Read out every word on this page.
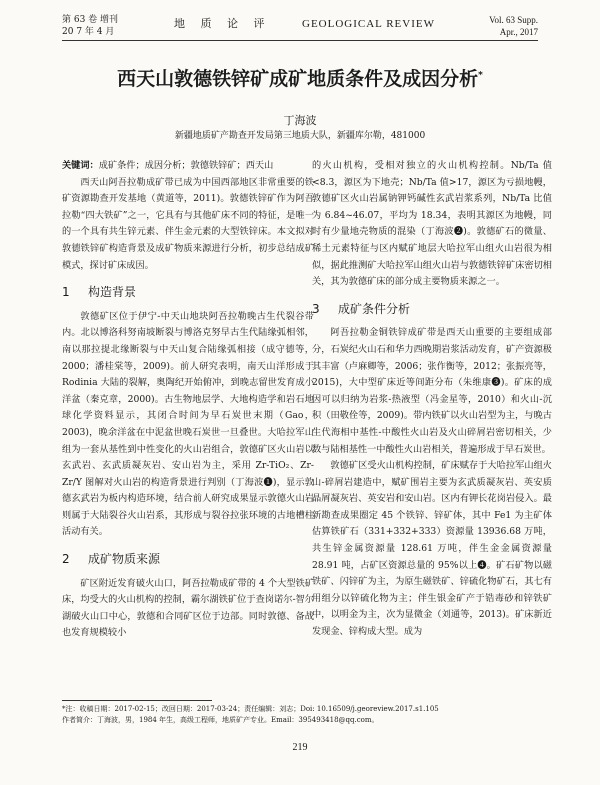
第 63 卷 增刊
20 7 年 4 月
地 质 论 评	GEOLOGICAL REVIEW	Vol. 63 Supp.
Apr., 2017
西天山敦德铁锌矿成矿地质条件及成因分析*
丁海波
新疆地质矿产勘查开发局第三地质大队，新疆库尔勒，481000

关键词：成矿条件；成因分析；敦德铁锌矿；西天山

西天山阿吾拉勒成矿带已成为中国西部地区非常重要的铁矿资源勘查开发基地（黄道等，2011)。敦德铁锌矿作为阿吾拉勒“四大铁矿”之一，它具有与其他矿床不同的特征，是唯一的一个具有共生锌元素、伴生金元素的大型铁锌床。本文拟对敦德铁锌矿构造背景及成矿物质来源进行分析，初步总结成矿模式，探讨矿床成因。

1 构造背景

敦德矿区位于伊宁-中天山地块阿吾拉勒晚古生代裂谷带内。北以博洛科努南坡断裂与博洛克努早古生代陆缘弧相邻，南以那拉提北缘断裂与中天山复合陆缘弧相接（成守德等，2000；潘桂棠等，2009)。前人研究表明，南天山洋形成于 Rodinia 大陆的裂解，奥陶纪开始俯冲，到晚志留世发育成小洋盆（秦克章，2000)。古生物地层学、大地构造学和岩石地球化学资料显示，其闭合时间为早石炭世末期（Gao，2003)，晚余洋盆在中泥盆世晚石炭世一旦叠世。大哈拉军山组为一套从基性到中性变化的火山岩组合，敦德矿区火山岩以玄武岩、玄武质凝灰岩、安山岩为主，采用 Zr-TiO₂、Zr-Zr/Y 图解对火山岩的构造背景进行判别（丁海波❶)，显示敦德玄武岩为板内构造环境，结合前人研究成果显示敦德火山岩则属于大陆裂谷火山岩系，其形成与裂谷拉张环境的古地槽柱活动有关。

2 成矿物质来源

矿区附近发育破火山口，阿吾拉勒成矿带的 4 个大型铁矿床，均受大的火山机构的控制，霸尔湖铁矿位于查岗诺尔-智尔湖破火山口中心，敦德和合同矿区位于边部。同时敦德、备战也发育规模较小

的火山机构，受相对独立的火山机构控制。Nb/Ta 值<8.3，源区为下地壳；Nb/Ta 值>17，源区为亏损地幔，敦德矿区火山岩属钠钾钙碱性玄武岩浆系列，Nb/Ta 比值为 6.84~46.07，平均为 18.34，表明其源区为地幔，同时有少量地壳物质的混染（丁海波❷)。敦德矿石的微量、稀土元素特征与区内赋矿地层大哈拉军山组火山岩很为相似，据此推测矿大哈拉军山组火山岩与敦德铁锌矿床密切相关，其为敦德矿床的部分成主要物质来源之一。

3 成矿条件分析

阿吾拉勒金铜铁锌成矿带是西天山重要的主要组成部分，石炭纪火山石和华力西晚期岩浆活动发育，矿产资源极其丰富（卢麻卿等，2006；张作衡等，2012；张振亮等，2015)，大中型矿床近等间距分布（朱维康❸)。矿床的成因可以归纳为岩浆-热液型（冯金星等，2010）和火山-沉积（田敬佺等，2009)。带内铁矿以火山岩型为主，与晚古生代海相中基性-中酸性火山岩及火山碎屑岩密切相关，少数与陆相基性一中酸性火山岩相关，普遍形成于早石炭世。

敦德矿区受火山机构控制，矿床赋存于大哈拉军山组火山-碎屑岩建造中，赋矿围岩主要为玄武质凝灰岩、英安质晶屑凝灰岩、英安岩和安山岩。区内有钾长花岗岩侵入。最新勘查成果圈定 45 个铁锌、锌矿体，其中 Fe1 为主矿体估算铁矿石（331+332+333）资源量 13936.68 万吨，共生锌金属资源量 128.61 万吨，伴生金金属资源量 28.91 吨，占矿区资源总量的 95%以上❹。矿石矿物以磁铁矿、闪锌矿为主，为原生磁铁矿、锌硫化物矿石，其七有用组分以锌硫化物为主；伴生银金矿产于锆毒砂和锌铁矿中，以明金为主，次为显微金（刘通等，2013)。矿床新近发现金、锌构成大型。成为

*注：收稿日期：2017-02-15；改回日期：2017-03-24；责任编辑：刘志；Doi: 10.16509/j.georeview.2017.s1.105
作者简介：丁海波，男，1984 年生，高级工程师，地质矿产专业。Email：395493418@qq.com。
219
